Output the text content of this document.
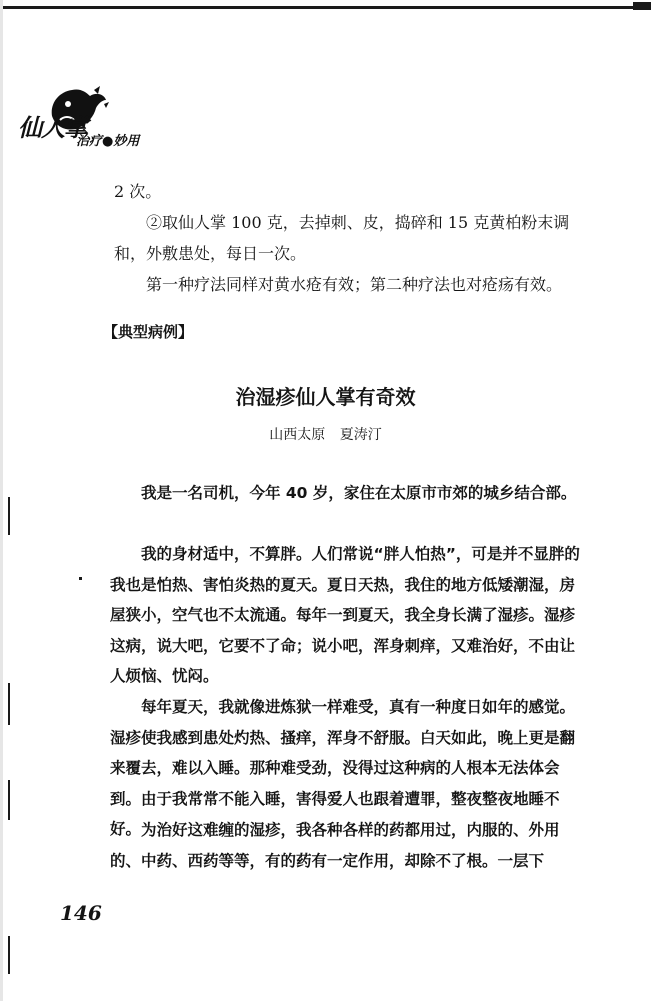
仙人掌
治疗●妙用

2 次。

②取仙人掌 100 克，去掉刺、皮，捣碎和 15 克黄柏粉末调和，外敷患处，每日一次。

第一种疗法同样对黄水疮有效；第二种疗法也对疮疡有效。

【典型病例】
治湿疹仙人掌有奇效
山西太原 夏涛汀

我是一名司机，今年 40 岁，家住在太原市市郊的城乡结合部。

我的身材适中，不算胖。人们常说“胖人怕热”，可是并不显胖的我也是怕热、害怕炎热的夏天。夏日天热，我住的地方低矮潮湿，房屋狭小，空气也不太流通。每年一到夏天，我全身长满了湿疹。湿疹这病，说大吧，它要不了命；说小吧，浑身刺痒，又难治好，不由让人烦恼、忧闷。

每年夏天，我就像进炼狱一样难受，真有一种度日如年的感觉。湿疹使我感到患处灼热、搔痒，浑身不舒服。白天如此，晚上更是翻来覆去，难以入睡。那种难受劲，没得过这种病的人根本无法体会到。由于我常常不能入睡，害得爱人也跟着遭罪，整夜整夜地睡不好。 为治好这难缠的湿疹，我各种各样的药都用过，内服的、外用的、中药、西药等等，有的药有一定作用，却除不了根。一层下

146
